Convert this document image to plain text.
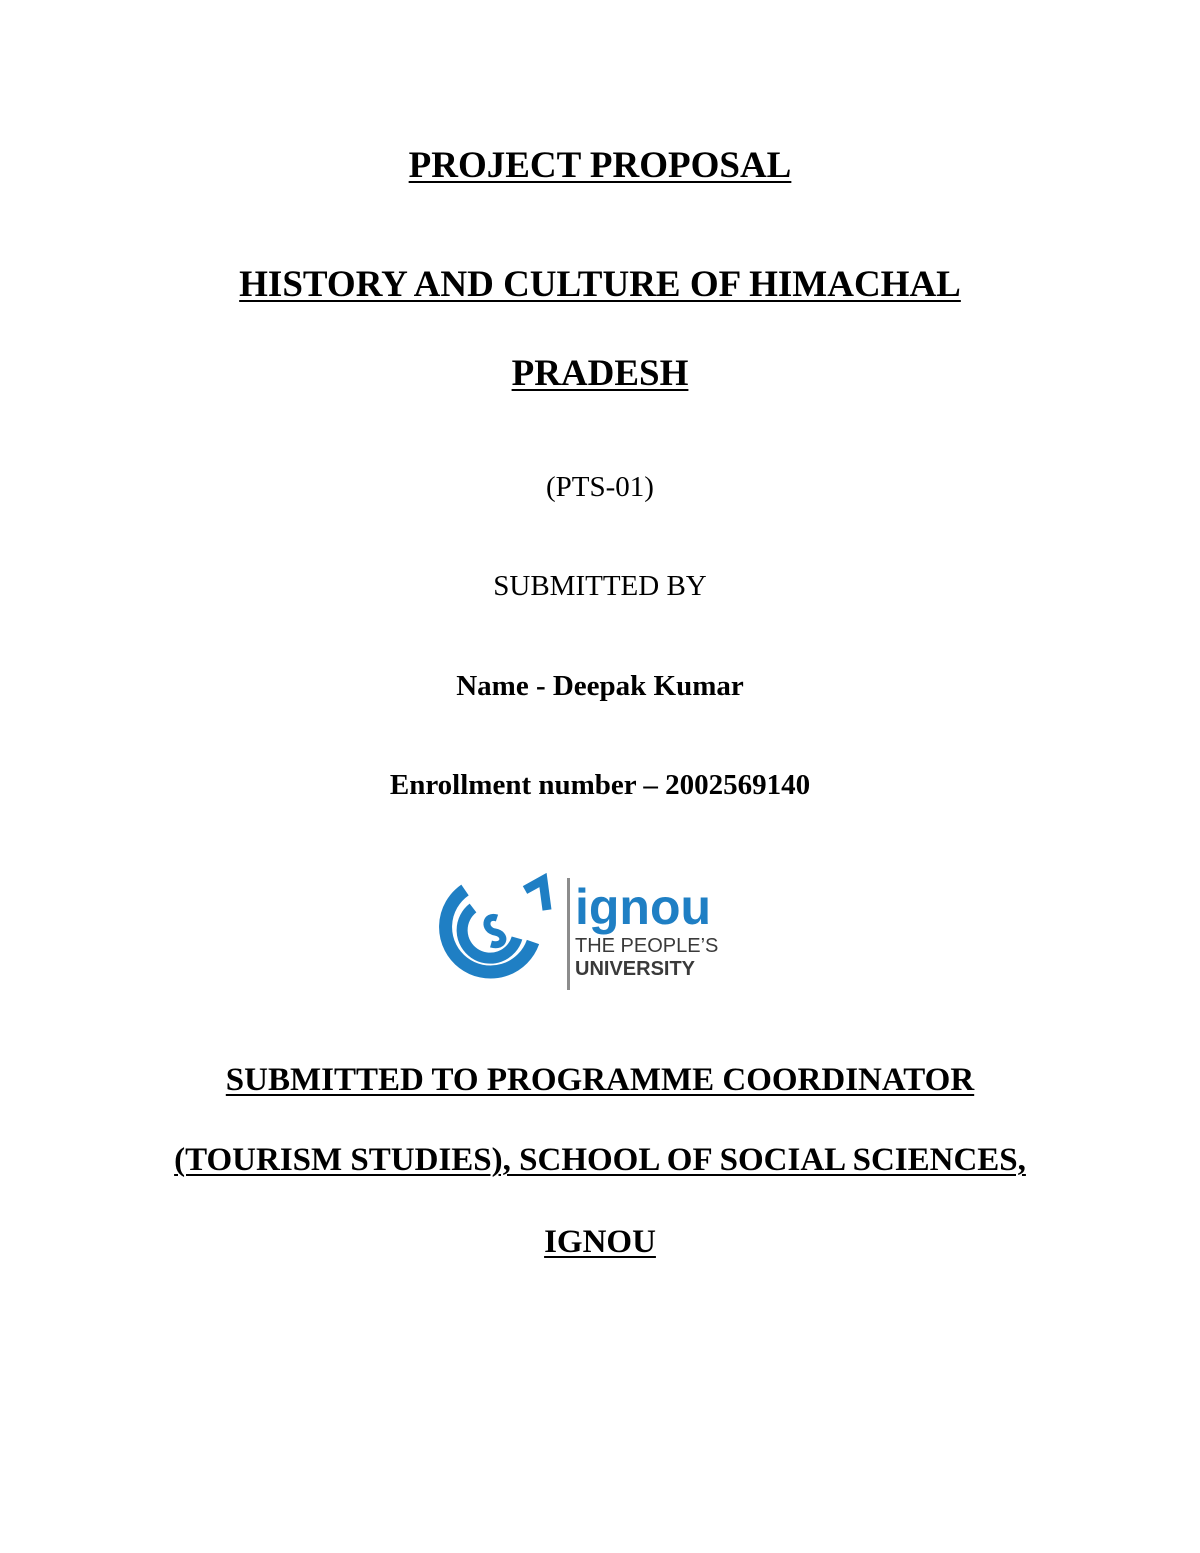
PROJECT PROPOSAL
HISTORY AND CULTURE OF HIMACHAL
PRADESH
(PTS-01)
SUBMITTED BY
Name - Deepak Kumar
Enrollment number – 2002569140
ignou
THE PEOPLE’S
UNIVERSITY
SUBMITTED TO PROGRAMME COORDINATOR
(TOURISM STUDIES), SCHOOL OF SOCIAL SCIENCES,
IGNOU
